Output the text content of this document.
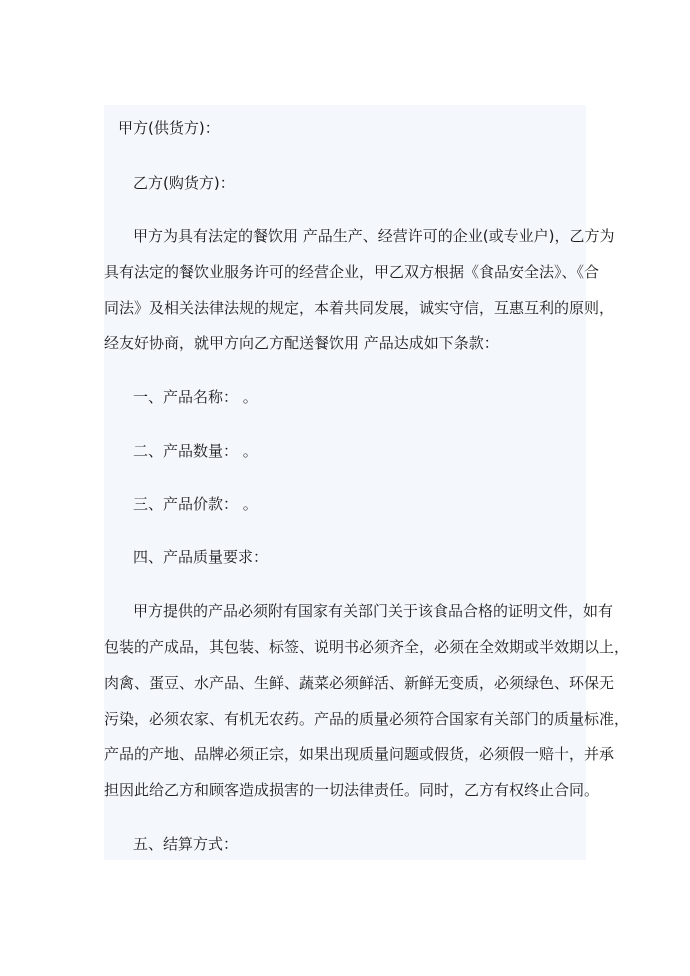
甲方(供货方)：

乙方(购货方)：

甲方为具有法定的餐饮用 产品生产、经营许可的企业(或专业户)，乙方为

具有法定的餐饮业服务许可的经营企业，甲乙双方根据《食品安全法》、《合

同法》及相关法律法规的规定，本着共同发展，诚实守信，互惠互利的原则，

经友好协商，就甲方向乙方配送餐饮用 产品达成如下条款：

一、产品名称： 。

二、产品数量： 。

三、产品价款： 。

四、产品质量要求：

甲方提供的产品必须附有国家有关部门关于该食品合格的证明文件，如有

包装的产成品，其包装、标签、说明书必须齐全，必须在全效期或半效期以上，

肉禽、蛋豆、水产品、生鲜、蔬菜必须鲜活、新鲜无变质，必须绿色、环保无

污染，必须农家、有机无农药。产品的质量必须符合国家有关部门的质量标准，

产品的产地、品牌必须正宗，如果出现质量问题或假货，必须假一赔十，并承

担因此给乙方和顾客造成损害的一切法律责任。同时，乙方有权终止合同。

五、结算方式：
